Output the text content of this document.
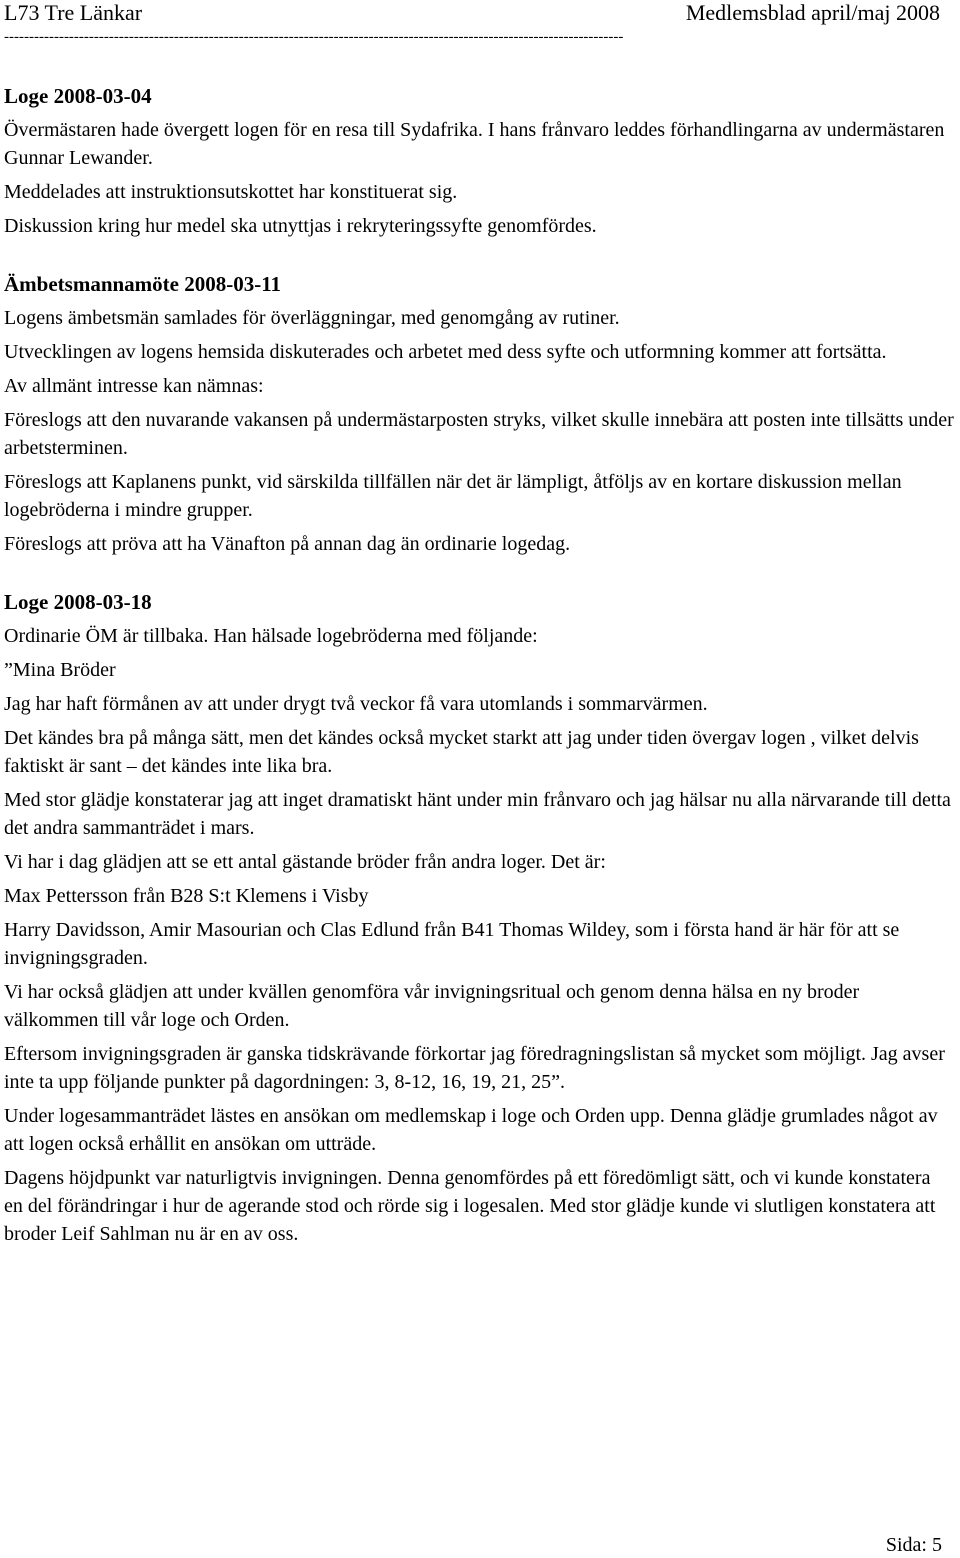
L73 Tre Länkar	Medlemsblad april/maj 2008
----------------------------------------------------------------------------------------------------------------------------
Loge 2008-03-04
Övermästaren hade övergett logen för en resa till Sydafrika. I hans frånvaro leddes förhandlingarna av undermästaren Gunnar Lewander.
Meddelades att instruktionsutskottet har konstituerat sig.
Diskussion kring hur medel ska utnyttjas i rekryteringssyfte genomfördes.
Ämbetsmannamöte 2008-03-11
Logens ämbetsmän samlades för överläggningar, med genomgång av rutiner.
Utvecklingen av logens hemsida diskuterades och arbetet med dess syfte och utformning kommer att fortsätta.
Av allmänt intresse kan nämnas:
Föreslogs att den nuvarande vakansen på undermästarposten stryks, vilket skulle innebära att posten inte tillsätts under arbetsterminen.
Föreslogs att Kaplanens punkt, vid särskilda tillfällen när det är lämpligt, åtföljs av en kortare diskussion mellan logebröderna i mindre grupper.
Föreslogs att pröva att ha Vänafton på annan dag än ordinarie logedag.
Loge 2008-03-18
Ordinarie ÖM är tillbaka. Han hälsade logebröderna med följande:
”Mina Bröder
Jag har haft förmånen av att under drygt två veckor få vara utomlands i sommarvärmen.
Det kändes bra på många sätt, men det kändes också mycket starkt att jag under tiden övergav logen , vilket delvis faktiskt är sant – det kändes inte lika bra.
Med stor glädje konstaterar jag att inget dramatiskt hänt under min frånvaro och jag hälsar nu alla närvarande till detta det andra sammanträdet i mars.
Vi har i dag glädjen att se ett antal gästande bröder från andra loger. Det är:
Max Pettersson från B28 S:t Klemens i Visby
Harry Davidsson, Amir Masourian och Clas Edlund från B41 Thomas Wildey, som i första hand är här för att se invigningsgraden.
Vi har också glädjen att under kvällen genomföra vår invigningsritual och genom denna hälsa en ny broder välkommen till vår loge och Orden.
Eftersom invigningsgraden är ganska tidskrävande förkortar jag föredragningslistan så mycket som möjligt. Jag avser inte ta upp följande punkter på dagordningen: 3, 8-12, 16, 19, 21, 25”.
Under logesammanträdet lästes en ansökan om medlemskap i loge och Orden upp. Denna glädje grumlades något av att logen också erhållit en ansökan om utträde.
Dagens höjdpunkt var naturligtvis invigningen. Denna genomfördes på ett föredömligt sätt, och vi kunde konstatera en del förändringar i hur de agerande stod och rörde sig i logesalen. Med stor glädje kunde vi slutligen konstatera att broder Leif Sahlman nu är en av oss.
Sida: 5
